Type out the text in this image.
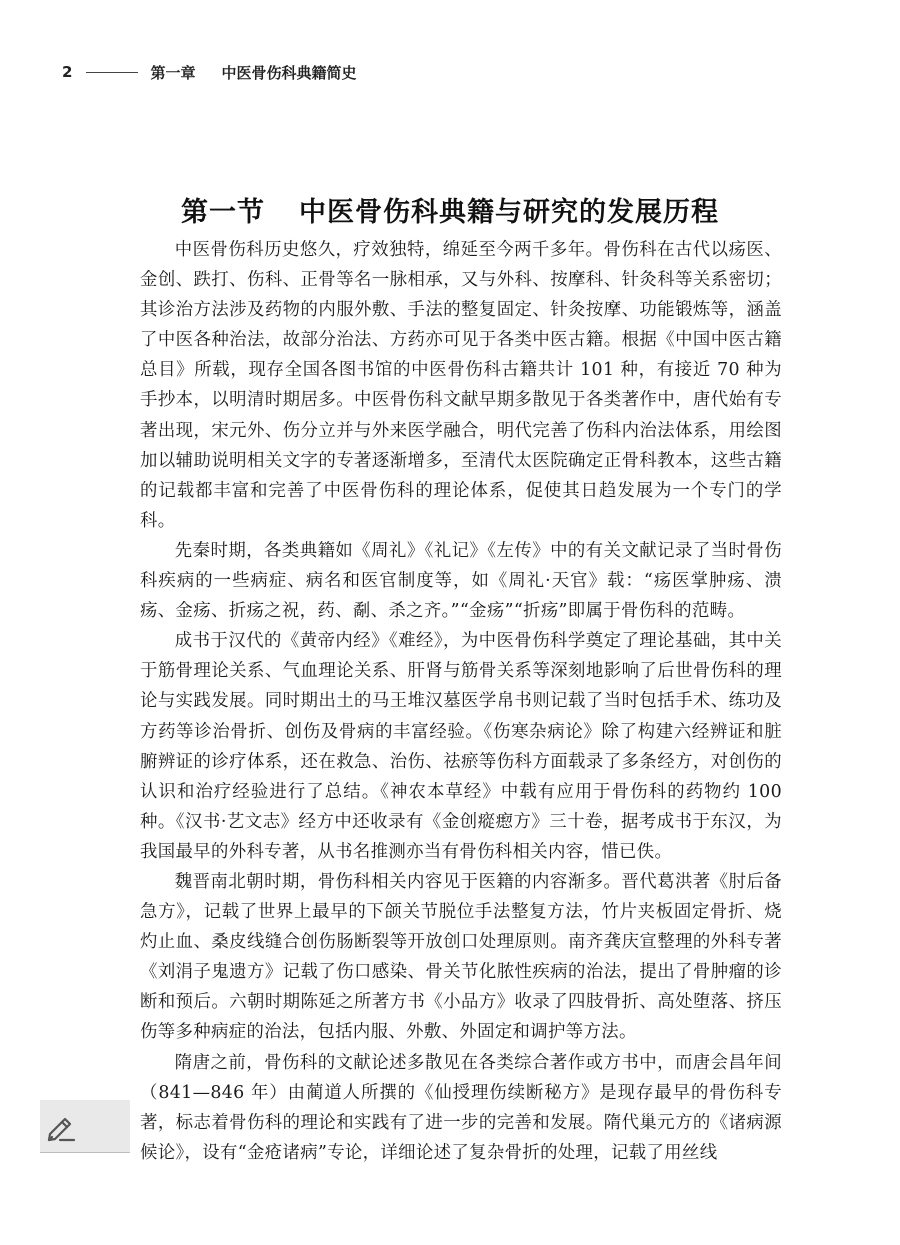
2	第一章 中医骨伤科典籍简史
第一节 中医骨伤科典籍与研究的发展历程

中医骨伤科历史悠久，疗效独特，绵延至今两千多年。骨伤科在古代以疡医、金创、跌打、伤科、正骨等名一脉相承，又与外科、按摩科、针灸科等关系密切；其诊治方法涉及药物的内服外敷、手法的整复固定、针灸按摩、功能锻炼等，涵盖了中医各种治法，故部分治法、方药亦可见于各类中医古籍。根据《中国中医古籍总目》所载，现存全国各图书馆的中医骨伤科古籍共计 101 种，有接近 70 种为手抄本，以明清时期居多。中医骨伤科文献早期多散见于各类著作中，唐代始有专著出现，宋元外、伤分立并与外来医学融合，明代完善了伤科内治法体系，用绘图加以辅助说明相关文字的专著逐渐增多，至清代太医院确定正骨科教本，这些古籍的记载都丰富和完善了中医骨伤科的理论体系，促使其日趋发展为一个专门的学科。

先秦时期，各类典籍如《周礼》《礼记》《左传》中的有关文献记录了当时骨伤科疾病的一些病症、病名和医官制度等，如《周礼·天官》载：“疡医掌肿疡、溃疡、金疡、折疡之祝，药、劀、杀之齐。”“金疡”“折疡”即属于骨伤科的范畴。

成书于汉代的《黄帝内经》《难经》，为中医骨伤科学奠定了理论基础，其中关于筋骨理论关系、气血理论关系、肝肾与筋骨关系等深刻地影响了后世骨伤科的理论与实践发展。同时期出土的马王堆汉墓医学帛书则记载了当时包括手术、练功及方药等诊治骨折、创伤及骨病的丰富经验。《伤寒杂病论》除了构建六经辨证和脏腑辨证的诊疗体系，还在救急、治伤、祛瘀等伤科方面载录了多条经方，对创伤的认识和治疗经验进行了总结。《神农本草经》中载有应用于骨伤科的药物约 100 种。《汉书·艺文志》经方中还收录有《金创瘲瘛方》三十卷，据考成书于东汉，为我国最早的外科专著，从书名推测亦当有骨伤科相关内容，惜已佚。

魏晋南北朝时期，骨伤科相关内容见于医籍的内容渐多。晋代葛洪著《肘后备急方》，记载了世界上最早的下颌关节脱位手法整复方法，竹片夹板固定骨折、烧灼止血、桑皮线缝合创伤肠断裂等开放创口处理原则。南齐龚庆宣整理的外科专著《刘涓子鬼遗方》记载了伤口感染、骨关节化脓性疾病的治法，提出了骨肿瘤的诊断和预后。六朝时期陈延之所著方书《小品方》收录了四肢骨折、高处堕落、挤压伤等多种病症的治法，包括内服、外敷、外固定和调护等方法。

隋唐之前，骨伤科的文献论述多散见在各类综合著作或方书中，而唐会昌年间（841—846 年）由蔺道人所撰的《仙授理伤续断秘方》是现存最早的骨伤科专著，标志着骨伤科的理论和实践有了进一步的完善和发展。隋代巢元方的《诸病源候论》，设有“金疮诸病”专论，详细论述了复杂骨折的处理，记载了用丝线
